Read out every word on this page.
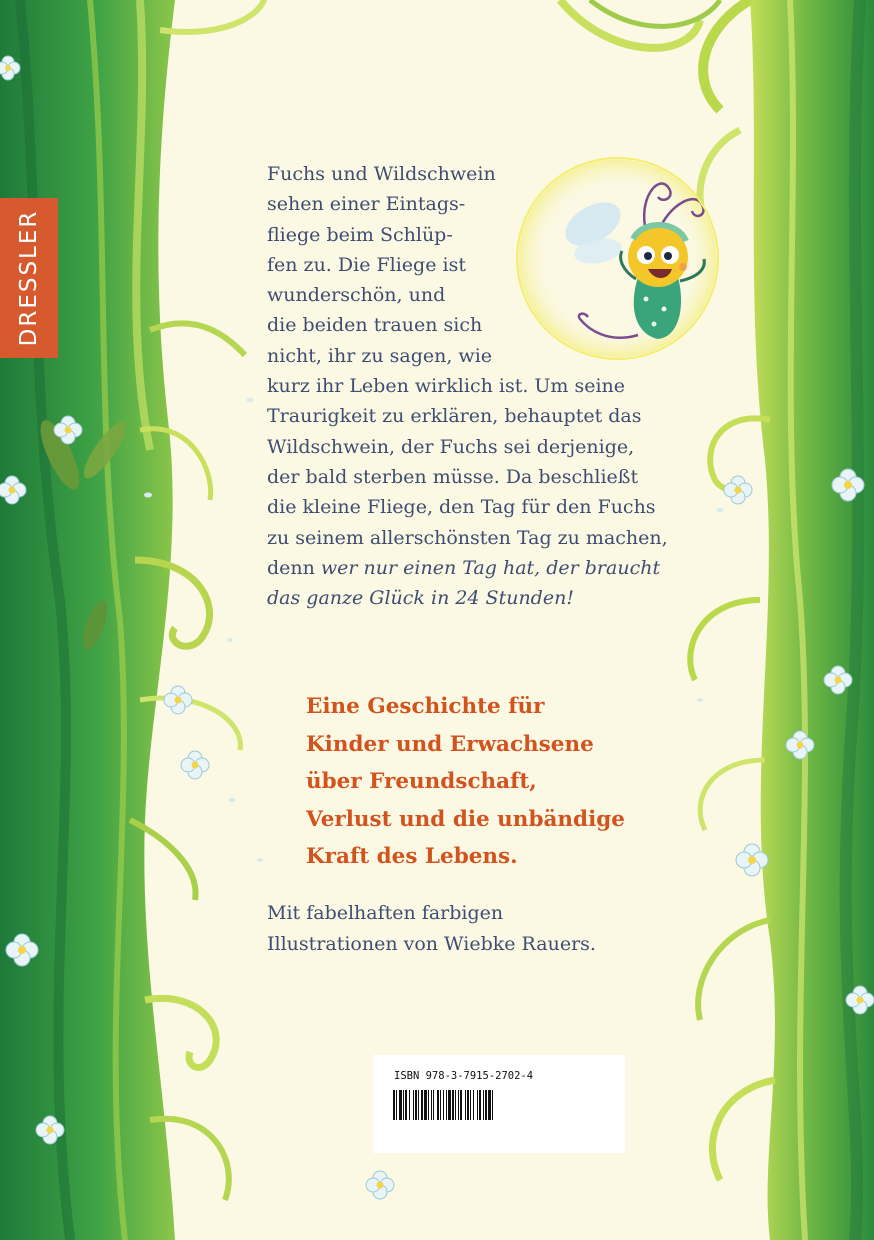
DRESSLER
Fuchs und Wildschwein
sehen einer Eintags-
fliege beim Schlüp-
fen zu. Die Fliege ist
wunderschön, und
die beiden trauen sich
nicht, ihr zu sagen, wie
kurz ihr Leben wirklich ist. Um seine
Traurigkeit zu erklären, behauptet das
Wildschwein, der Fuchs sei derjenige,
der bald sterben müsse. Da beschließt
die kleine Fliege, den Tag für den Fuchs
zu seinem allerschönsten Tag zu machen,
denn wer nur einen Tag hat, der braucht
das ganze Glück in 24 Stunden!
Eine Geschichte für
Kinder und Erwachsene
über Freundschaft,
Verlust und die unbändige
Kraft des Lebens.
Mit fabelhaften farbigen
Illustrationen von Wiebke Rauers.
ISBN 978-3-7915-2702-4
